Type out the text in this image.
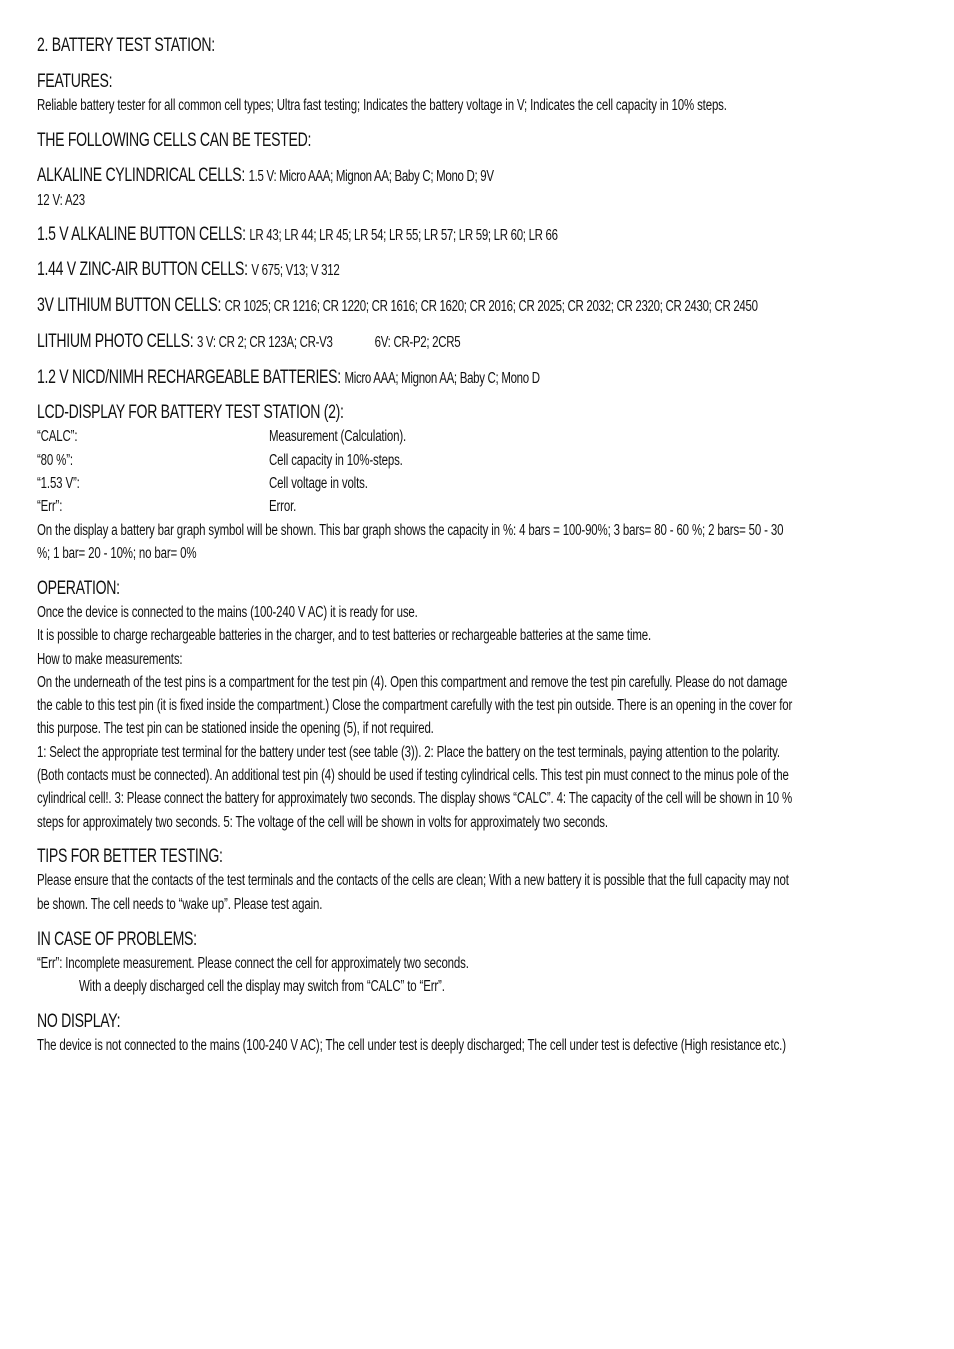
2. BATTERY TEST STATION:
FEATURES:
Reliable battery tester for all common cell types; Ultra fast testing; Indicates the battery voltage in V; Indicates the cell capacity in 10% steps.
THE FOLLOWING CELLS CAN BE TESTED:
ALKALINE CYLINDRICAL CELLS: 1.5 V: Micro AAA; Mignon AA; Baby C; Mono D; 9V
12 V: A23
1.5 V ALKALINE BUTTON CELLS: LR 43; LR 44; LR 45; LR 54; LR 55; LR 57; LR 59; LR 60; LR 66
1.44 V ZINC-AIR BUTTON CELLS: V 675; V13; V 312
3V LITHIUM BUTTON CELLS: CR 1025; CR 1216; CR 1220; CR 1616; CR 1620; CR 2016; CR 2025; CR 2032; CR 2320; CR 2430; CR 2450
LITHIUM PHOTO CELLS: 3 V: CR 2; CR 123A; CR-V3	6V: CR-P2; 2CR5
1.2 V NICD/NIMH RECHARGEABLE BATTERIES: Micro AAA; Mignon AA; Baby C; Mono D
LCD-DISPLAY FOR BATTERY TEST STATION (2):
“CALC”:	Measurement (Calculation).
“80 %”:	Cell capacity in 10%-steps.
“1.53 V”:	Cell voltage in volts.
“Err”:	Error.
On the display a battery bar graph symbol will be shown. This bar graph shows the capacity in %: 4 bars = 100-90%; 3 bars= 80 - 60 %; 2 bars= 50 - 30
%; 1 bar= 20 - 10%; no bar= 0%
OPERATION:
Once the device is connected to the mains (100-240 V AC) it is ready for use.
It is possible to charge rechargeable batteries in the charger, and to test batteries or rechargeable batteries at the same time.
How to make measurements:
On the underneath of the test pins is a compartment for the test pin (4). Open this compartment and remove the test pin carefully. Please do not damage
the cable to this test pin (it is fixed inside the compartment.) Close the compartment carefully with the test pin outside. There is an opening in the cover for
this purpose. The test pin can be stationed inside the opening (5), if not required.
1: Select the appropriate test terminal for the battery under test (see table (3)). 2: Place the battery on the test terminals, paying attention to the polarity.
(Both contacts must be connected). An additional test pin (4) should be used if testing cylindrical cells. This test pin must connect to the minus pole of the
cylindrical cell!. 3: Please connect the battery for approximately two seconds. The display shows “CALC”. 4: The capacity of the cell will be shown in 10 %
steps for approximately two seconds. 5: The voltage of the cell will be shown in volts for approximately two seconds.
TIPS FOR BETTER TESTING:
Please ensure that the contacts of the test terminals and the contacts of the cells are clean; With a new battery it is possible that the full capacity may not
be shown. The cell needs to “wake up”. Please test again.
IN CASE OF PROBLEMS:
“Err”: Incomplete measurement. Please connect the cell for approximately two seconds.
With a deeply discharged cell the display may switch from “CALC” to “Err”.
NO DISPLAY:
The device is not connected to the mains (100-240 V AC); The cell under test is deeply discharged; The cell under test is defective (High resistance etc.)
